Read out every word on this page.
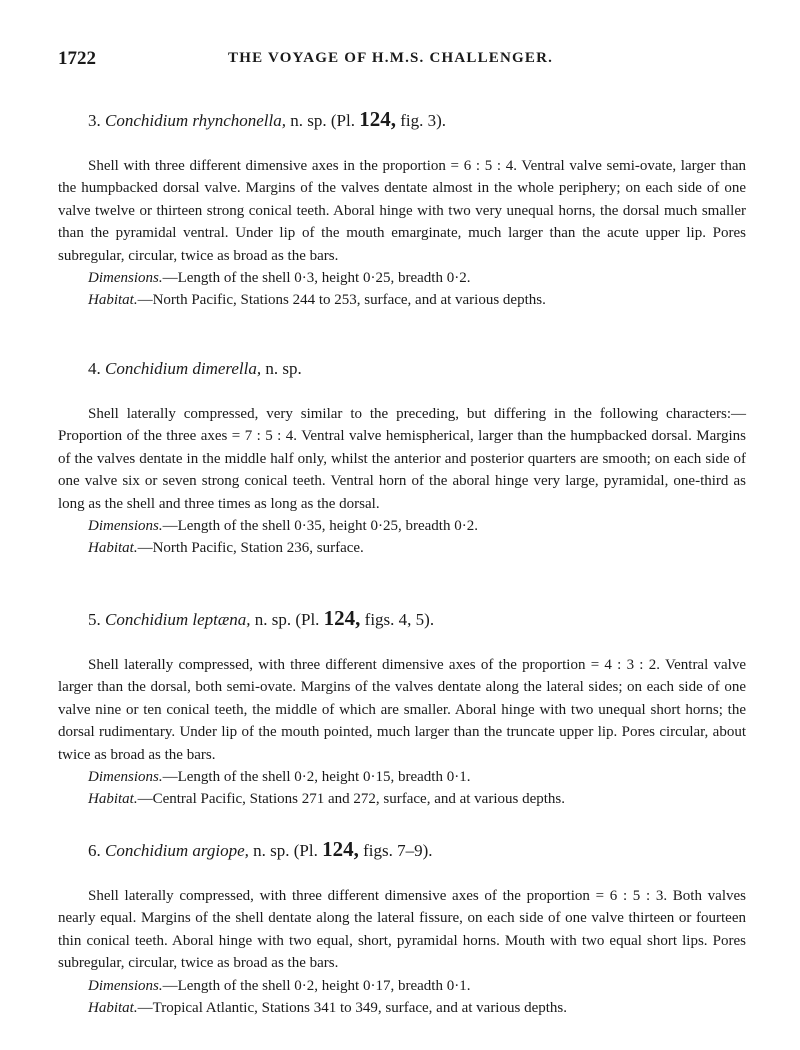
1722	THE VOYAGE OF H.M.S. CHALLENGER.
3. Conchidium rhynchonella, n. sp. (Pl. 124, fig. 3).

Shell with three different dimensive axes in the proportion = 6 : 5 : 4. Ventral valve semi-ovate, larger than the humpbacked dorsal valve. Margins of the valves dentate almost in the whole periphery; on each side of one valve twelve or thirteen strong conical teeth. Aboral hinge with two very unequal horns, the dorsal much smaller than the pyramidal ventral. Under lip of the mouth emarginate, much larger than the acute upper lip. Pores subregular, circular, twice as broad as the bars.

Dimensions.—Length of the shell 0·3, height 0·25, breadth 0·2.

Habitat.—North Pacific, Stations 244 to 253, surface, and at various depths.

4. Conchidium dimerella, n. sp.

Shell laterally compressed, very similar to the preceding, but differing in the following characters:—Proportion of the three axes = 7 : 5 : 4. Ventral valve hemispherical, larger than the humpbacked dorsal. Margins of the valves dentate in the middle half only, whilst the anterior and posterior quarters are smooth; on each side of one valve six or seven strong conical teeth. Ventral horn of the aboral hinge very large, pyramidal, one-third as long as the shell and three times as long as the dorsal.

Dimensions.—Length of the shell 0·35, height 0·25, breadth 0·2.

Habitat.—North Pacific, Station 236, surface.

5. Conchidium leptæna, n. sp. (Pl. 124, figs. 4, 5).

Shell laterally compressed, with three different dimensive axes of the proportion = 4 : 3 : 2. Ventral valve larger than the dorsal, both semi-ovate. Margins of the valves dentate along the lateral sides; on each side of one valve nine or ten conical teeth, the middle of which are smaller. Aboral hinge with two unequal short horns; the dorsal rudimentary. Under lip of the mouth pointed, much larger than the truncate upper lip. Pores circular, about twice as broad as the bars.

Dimensions.—Length of the shell 0·2, height 0·15, breadth 0·1.

Habitat.—Central Pacific, Stations 271 and 272, surface, and at various depths.

6. Conchidium argiope, n. sp. (Pl. 124, figs. 7–9).

Shell laterally compressed, with three different dimensive axes of the proportion = 6 : 5 : 3. Both valves nearly equal. Margins of the shell dentate along the lateral fissure, on each side of one valve thirteen or fourteen thin conical teeth. Aboral hinge with two equal, short, pyramidal horns. Mouth with two equal short lips. Pores subregular, circular, twice as broad as the bars.

Dimensions.—Length of the shell 0·2, height 0·17, breadth 0·1.

Habitat.—Tropical Atlantic, Stations 341 to 349, surface, and at various depths.
